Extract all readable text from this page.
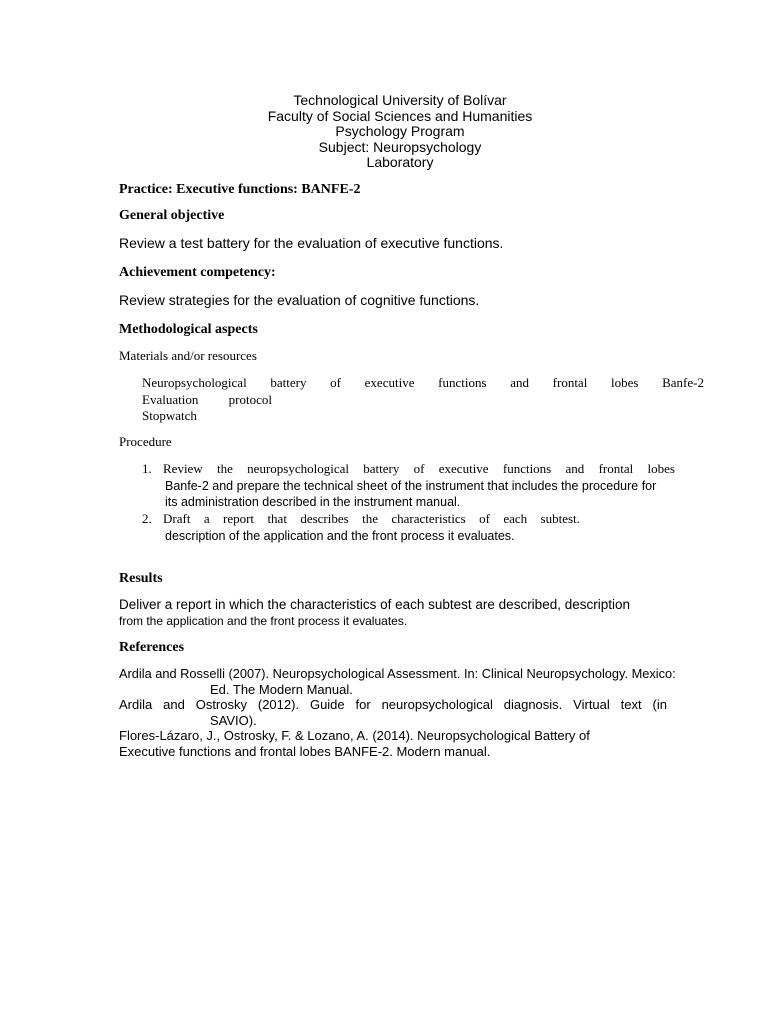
Technological University of Bolívar
Faculty of Social Sciences and Humanities
Psychology Program
Subject: Neuropsychology
Laboratory
Practice: Executive functions: BANFE-2
General objective
Review a test battery for the evaluation of executive functions.
Achievement competency:
Review strategies for the evaluation of cognitive functions.
Methodological aspects
Materials and/or resources
Neuropsychological battery of executive functions and frontal lobes Banfe-2
Evaluation protocol
Stopwatch
Procedure
1. Review the neuropsychological battery of executive functions and frontal lobes
Banfe-2 and prepare the technical sheet of the instrument that includes the procedure for
its administration described in the instrument manual.
2. Draft a report that describes the characteristics of each subtest.
description of the application and the front process it evaluates.
Results
Deliver a report in which the characteristics of each subtest are described, description
from the application and the front process it evaluates.
References
Ardila and Rosselli (2007). Neuropsychological Assessment. In: Clinical Neuropsychology. Mexico:
Ed. The Modern Manual.
Ardila and Ostrosky (2012). Guide for neuropsychological diagnosis. Virtual text (in
SAVIO).
Flores-Lázaro, J., Ostrosky, F. & Lozano, A. (2014). Neuropsychological Battery of
Executive functions and frontal lobes BANFE-2. Modern manual.
